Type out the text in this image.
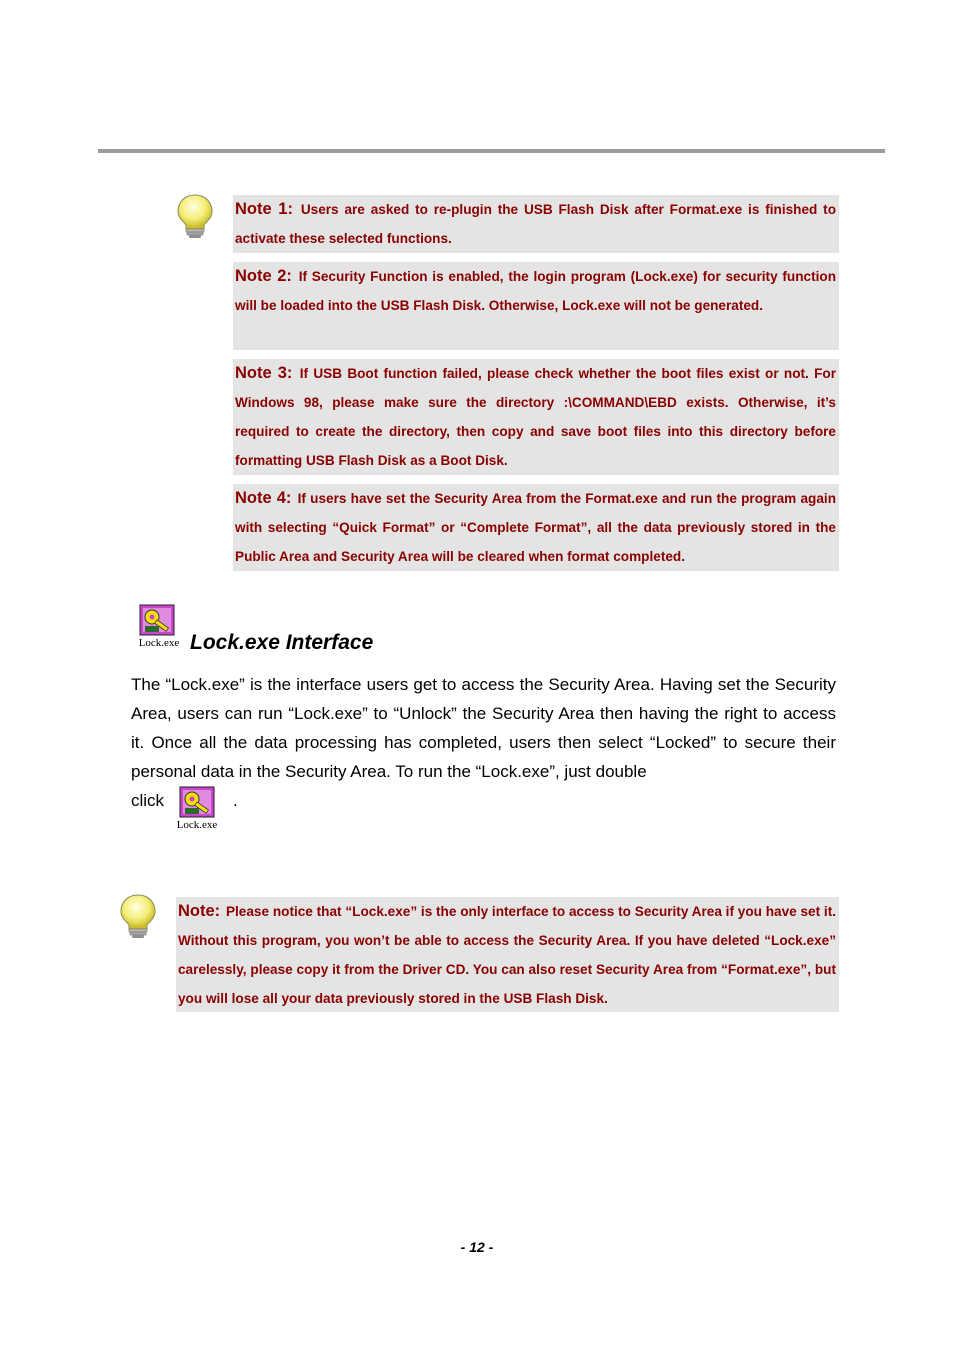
Note 1: Users are asked to re-plugin the USB Flash Disk after Format.exe is finished to activate these selected functions.
Note 2: If Security Function is enabled, the login program (Lock.exe) for security function will be loaded into the USB Flash Disk. Otherwise, Lock.exe will not be generated.
Note 3: If USB Boot function failed, please check whether the boot files exist or not. For Windows 98, please make sure the directory :\COMMAND\EBD exists. Otherwise, it’s required to create the directory, then copy and save boot files into this directory before formatting USB Flash Disk as a Boot Disk.
Note 4: If users have set the Security Area from the Format.exe and run the program again with selecting “Quick Format” or “Complete Format”, all the data previously stored in the Public Area and Security Area will be cleared when format completed.
Lock.exe Lock.exe Interface
The “Lock.exe” is the interface users get to access the Security Area. Having set the Security Area, users can run “Lock.exe” to “Unlock” the Security Area then having the right to access it. Once all the data processing has completed, users then select “Locked” to secure their personal data in the Security Area. To run the “Lock.exe”, just double
click
Lock.exe
.
Note: Please notice that “Lock.exe” is the only interface to access to Security Area if you have set it. Without this program, you won’t be able to access the Security Area. If you have deleted “Lock.exe” carelessly, please copy it from the Driver CD. You can also reset Security Area from “Format.exe”, but you will lose all your data previously stored in the USB Flash Disk.
- 12 -
